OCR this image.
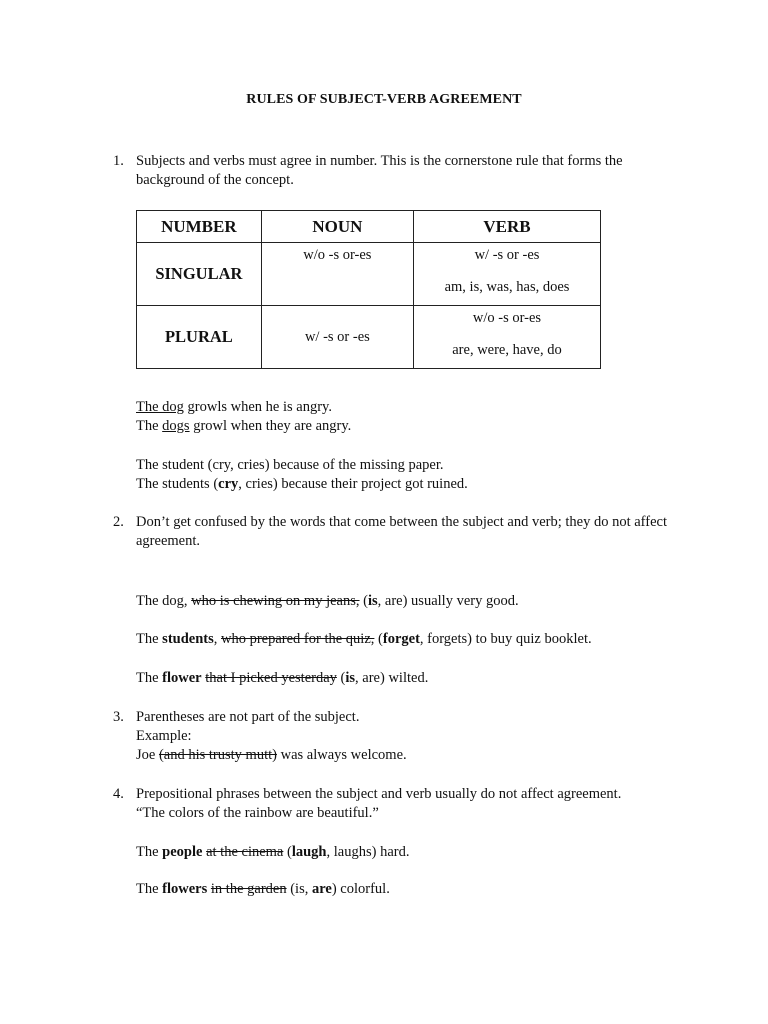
RULES OF SUBJECT-VERB AGREEMENT
1. Subjects and verbs must agree in number. This is the cornerstone rule that forms the background of the concept.
NUMBER	NOUN	VERB
SINGULAR	w/o -s or-es	w/ -s or -es
am, is, was, has, does

PLURAL	w/ -s or -es	w/o -s or-es
are, were, have, do
The dog growls when he is angry.
The dogs growl when they are angry.
The student (cry, cries) because of the missing paper.
The students (cry, cries) because their project got ruined.
2. Don’t get confused by the words that come between the subject and verb; they do not affect agreement.
The dog, who is chewing on my jeans, (is, are) usually very good.
The students, who prepared for the quiz, (forget, forgets) to buy quiz booklet.
The flower that I picked yesterday (is, are) wilted.
3. Parentheses are not part of the subject.
Example:
Joe (and his trusty mutt) was always welcome.
4. Prepositional phrases between the subject and verb usually do not affect agreement.
“The colors of the rainbow are beautiful.”
The people at the cinema (laugh, laughs) hard.
The flowers in the garden (is, are) colorful.
